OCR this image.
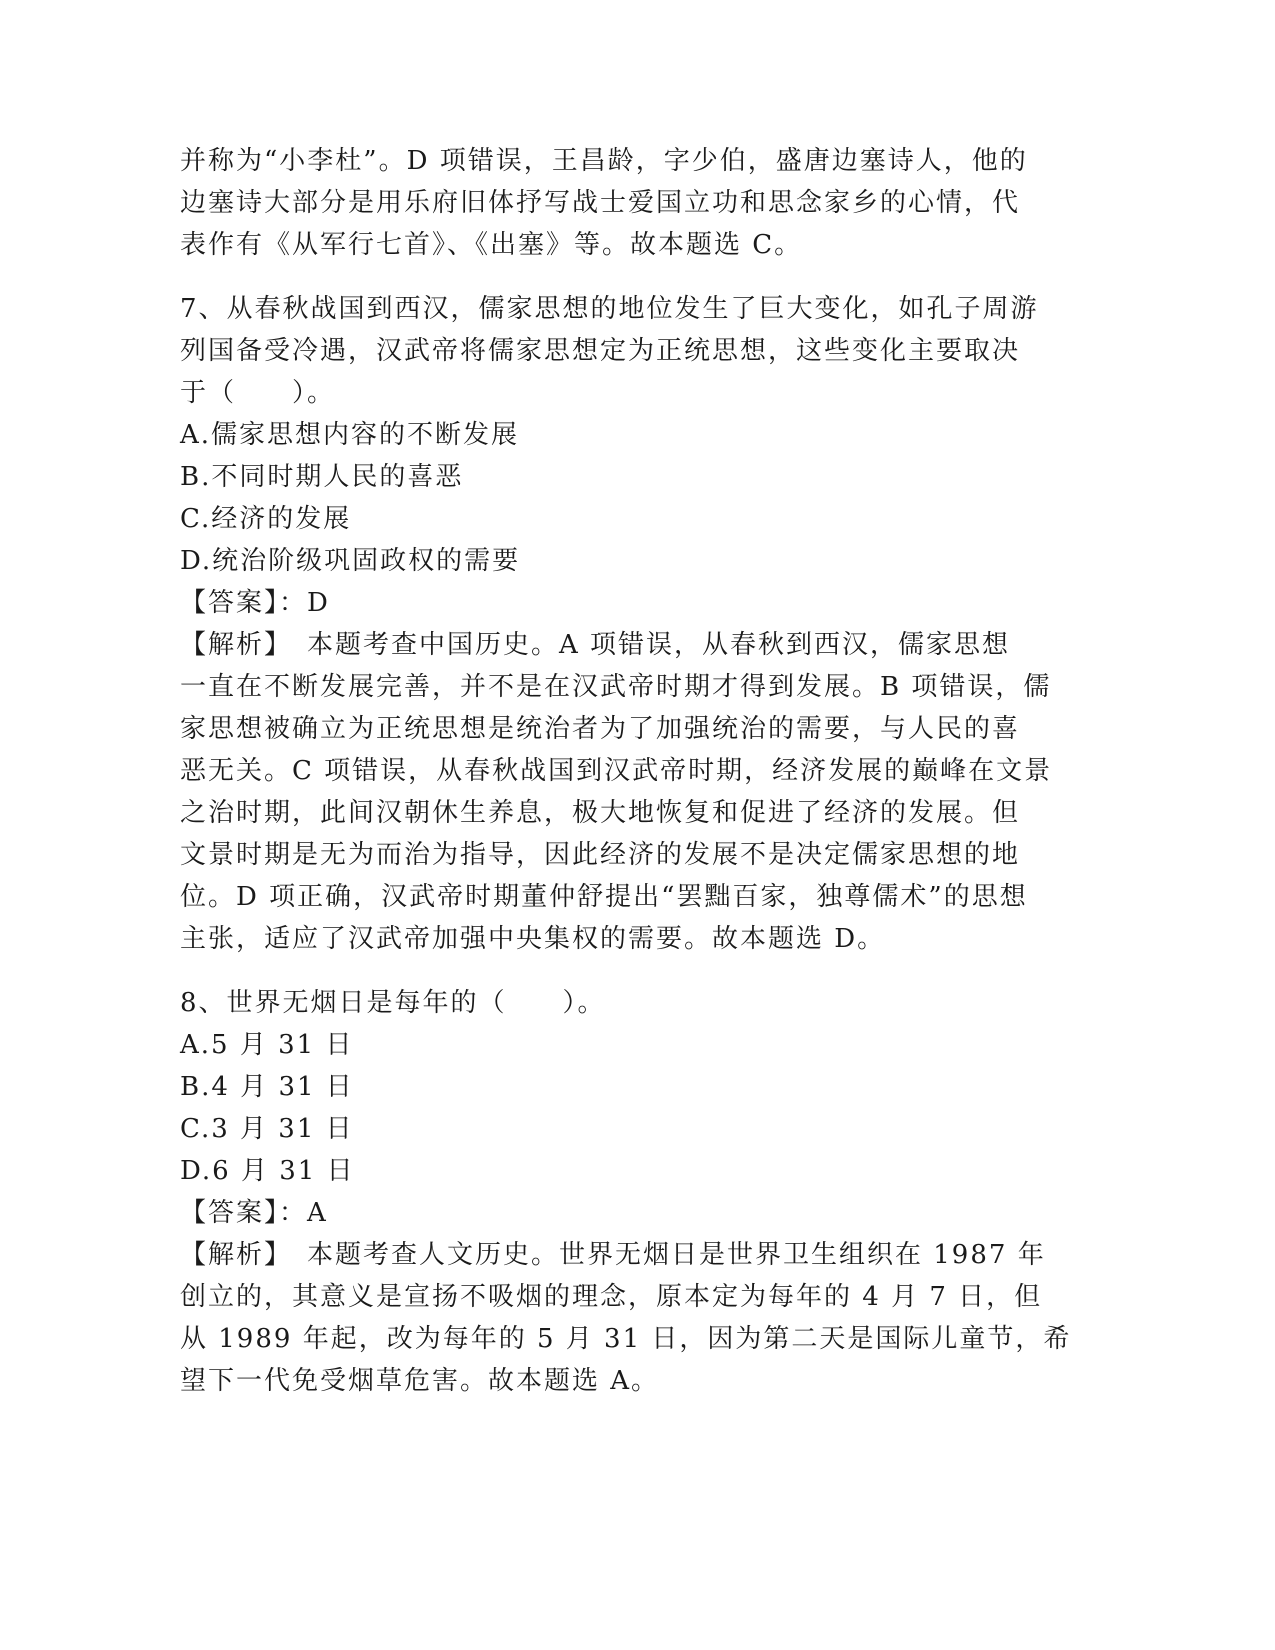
并称为“小李杜”。D 项错误，王昌龄，字少伯，盛唐边塞诗人，他的
边塞诗大部分是用乐府旧体抒写战士爱国立功和思念家乡的心情，代
表作有《从军行七首》、《出塞》等。故本题选 C。
7、从春秋战国到西汉，儒家思想的地位发生了巨大变化，如孔子周游
列国备受冷遇，汉武帝将儒家思想定为正统思想，这些变化主要取决
于（　　）。
A.儒家思想内容的不断发展
B.不同时期人民的喜恶
C.经济的发展
D.统治阶级巩固政权的需要
【答案】：D
【解析】　本题考查中国历史。A 项错误，从春秋到西汉，儒家思想
一直在不断发展完善，并不是在汉武帝时期才得到发展。B 项错误，儒
家思想被确立为正统思想是统治者为了加强统治的需要，与人民的喜
恶无关。C 项错误，从春秋战国到汉武帝时期，经济发展的巅峰在文景
之治时期，此间汉朝休生养息，极大地恢复和促进了经济的发展。但
文景时期是无为而治为指导，因此经济的发展不是决定儒家思想的地
位。D 项正确，汉武帝时期董仲舒提出“罢黜百家，独尊儒术”的思想
主张，适应了汉武帝加强中央集权的需要。故本题选 D。
8、世界无烟日是每年的（　　）。
A.5 月 31 日
B.4 月 31 日
C.3 月 31 日
D.6 月 31 日
【答案】：A
【解析】　本题考查人文历史。世界无烟日是世界卫生组织在 1987 年
创立的，其意义是宣扬不吸烟的理念，原本定为每年的 4 月 7 日，但
从 1989 年起，改为每年的 5 月 31 日，因为第二天是国际儿童节，希
望下一代免受烟草危害。故本题选 A。
